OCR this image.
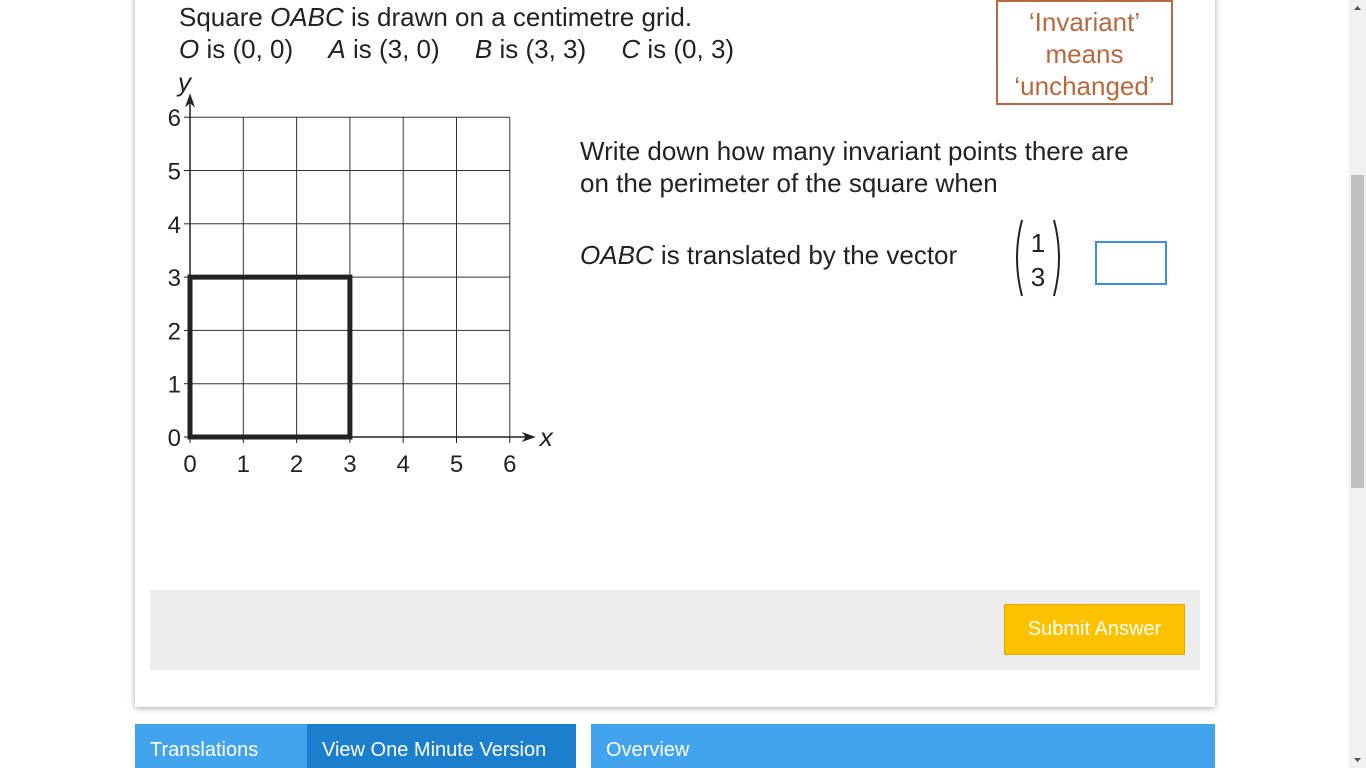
Square OABC is drawn on a centimetre grid.
O is (0, 0) A is (3, 0) B is (3, 3) C is (0, 3)
‘Invariant’
means
‘unchanged’
0 1 2 3 4 5 6
0
1
2
3
4
5
6
x
y
Write down how many invariant points there are
on the perimeter of the square when
OABC is translated by the vector	1
3
Submit Answer
Translations	View One Minute Version	Overview
